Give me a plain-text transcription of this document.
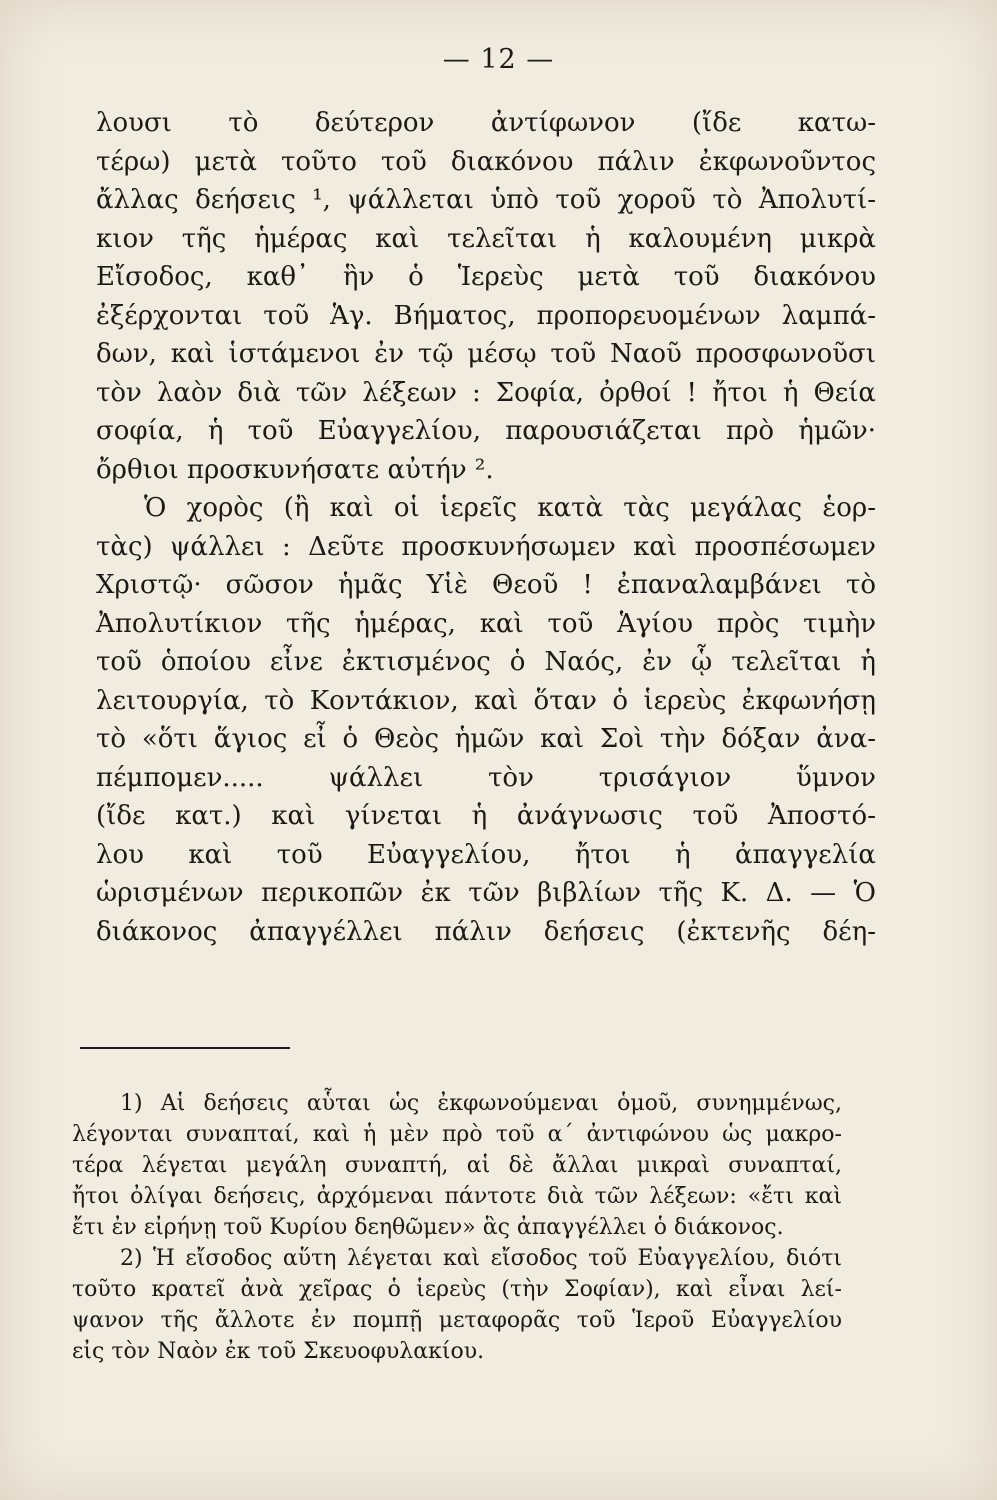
— 12 —
λουσι τὸ δεύτερον ἀντίφωνον (ἴδε κατω-
τέρω) μετὰ τοῦτο τοῦ διακόνου πάλιν ἐκφωνοῦντος
ἄλλας δεήσεις ¹, ψάλλεται ὑπὸ τοῦ χοροῦ τὸ Ἀπολυτί-
κιον τῆς ἡμέρας καὶ τελεῖται ἡ καλουμένη μικρὰ
Εἴσοδος, καθ᾿ ἣν ὁ Ἱερεὺς μετὰ τοῦ διακόνου
ἐξέρχονται τοῦ Ἁγ. Βήματος, προπορευομένων λαμπά-
δων, καὶ ἱστάμενοι ἐν τῷ μέσῳ τοῦ Ναοῦ προσφωνοῦσι
τὸν λαὸν διὰ τῶν λέξεων : Σοφία, ὀρθοί ! ἤτοι ἡ Θεία
σοφία, ἡ τοῦ Εὐαγγελίου, παρουσιάζεται πρὸ ἡμῶν·
ὄρθιοι προσκυνήσατε αὐτήν ².
Ὁ χορὸς (ἢ καὶ οἱ ἱερεῖς κατὰ τὰς μεγάλας ἑορ-
τὰς) ψάλλει : Δεῦτε προσκυνήσωμεν καὶ προσπέσωμεν
Χριστῷ· σῶσον ἡμᾶς Υἱὲ Θεοῦ ! ἐπαναλαμβάνει τὸ
Ἀπολυτίκιον τῆς ἡμέρας, καὶ τοῦ Ἁγίου πρὸς τιμὴν
τοῦ ὁποίου εἶνε ἐκτισμένος ὁ Ναός, ἐν ᾧ τελεῖται ἡ
λειτουργία, τὸ Κοντάκιον, καὶ ὅταν ὁ ἱερεὺς ἐκφωνήσῃ
τὸ «ὅτι ἅγιος εἶ ὁ Θεὸς ἡμῶν καὶ Σοὶ τὴν δόξαν ἀνα-
πέμπομεν..... ψάλλει τὸν τρισάγιον ὕμνον
(ἴδε κατ.) καὶ γίνεται ἡ ἀνάγνωσις τοῦ Ἀποστό-
λου καὶ τοῦ Εὐαγγελίου, ἤτοι ἡ ἀπαγγελία
ὡρισμένων περικοπῶν ἐκ τῶν βιβλίων τῆς Κ. Δ. — Ὁ
διάκονος ἀπαγγέλλει πάλιν δεήσεις (ἐκτενῆς δέη-
1) Αἱ δεήσεις αὗται ὡς ἐκφωνούμεναι ὁμοῦ, συνημμένως,
λέγονται συναπταί, καὶ ἡ μὲν πρὸ τοῦ α΄ ἀντιφώνου ὡς μακρο-
τέρα λέγεται μεγάλη συναπτή, αἱ δὲ ἄλλαι μικραὶ συναπταί,
ἤτοι ὀλίγαι δεήσεις, ἀρχόμεναι πάντοτε διὰ τῶν λέξεων: «ἔτι καὶ
ἔτι ἐν εἰρήνῃ τοῦ Κυρίου δεηθῶμεν» ἃς ἀπαγγέλλει ὁ διάκονος.
2) Ἡ εἴσοδος αὕτη λέγεται καὶ εἴσοδος τοῦ Εὐαγγελίου, διότι
τοῦτο κρατεῖ ἀνὰ χεῖρας ὁ ἱερεὺς (τὴν Σοφίαν), καὶ εἶναι λεί-
ψανον τῆς ἄλλοτε ἐν πομπῇ μεταφορᾶς τοῦ Ἱεροῦ Εὐαγγελίου
εἰς τὸν Ναὸν ἐκ τοῦ Σκευοφυλακίου.
